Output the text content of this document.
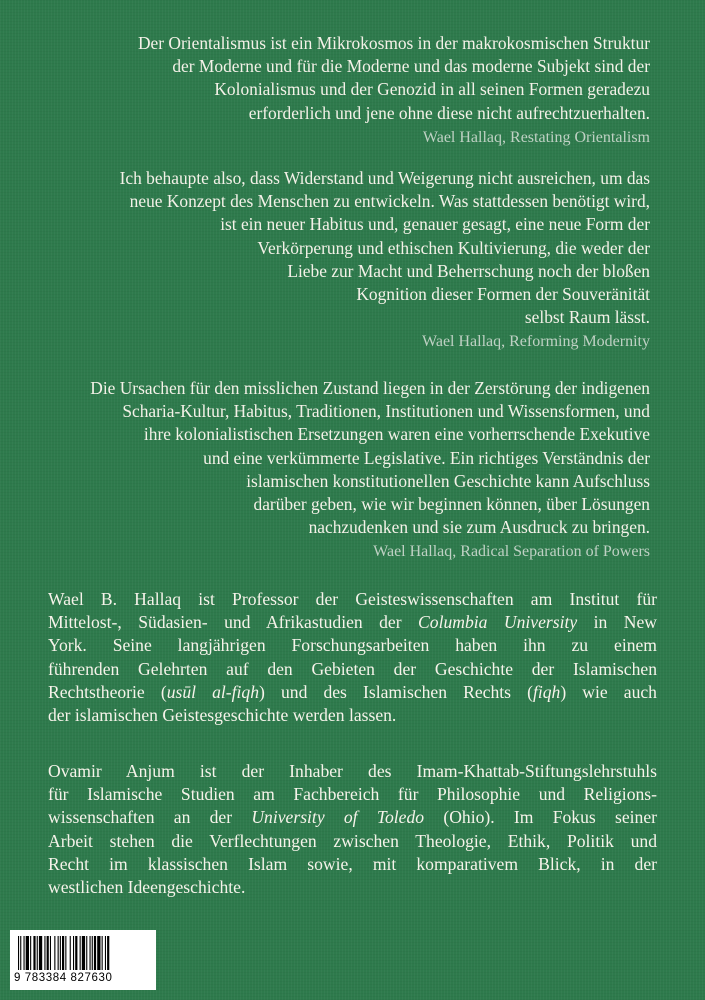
Der Orientalismus ist ein Mikrokosmos in der makrokosmischen Struktur
der Moderne und für die Moderne und das moderne Subjekt sind der
Kolonialismus und der Genozid in all seinen Formen geradezu
erforderlich und jene ohne diese nicht aufrechtzuerhalten.
Wael Hallaq, Restating Orientalism
Ich behaupte also, dass Widerstand und Weigerung nicht ausreichen, um das
neue Konzept des Menschen zu entwickeln. Was stattdessen benötigt wird,
ist ein neuer Habitus und, genauer gesagt, eine neue Form der
Verkörperung und ethischen Kultivierung, die weder der
Liebe zur Macht und Beherrschung noch der bloßen
Kognition dieser Formen der Souveränität
selbst Raum lässt.
Wael Hallaq, Reforming Modernity
Die Ursachen für den misslichen Zustand liegen in der Zerstörung der indigenen
Scharia-Kultur, Habitus, Traditionen, Institutionen und Wissensformen, und
ihre kolonialistischen Ersetzungen waren eine vorherrschende Exekutive
und eine verkümmerte Legislative. Ein richtiges Verständnis der
islamischen konstitutionellen Geschichte kann Aufschluss
darüber geben, wie wir beginnen können, über Lösungen
nachzudenken und sie zum Ausdruck zu bringen.
Wael Hallaq, Radical Separation of Powers
Wael B. Hallaq ist Professor der Geisteswissenschaften am Institut für
Mittelost-, Südasien- und Afrikastudien der Columbia University in New
York. Seine langjährigen Forschungsarbeiten haben ihn zu einem
führenden Gelehrten auf den Gebieten der Geschichte der Islamischen
Rechtstheorie (usūl al-fiqh) und des Islamischen Rechts (fiqh) wie auch
der islamischen Geistesgeschichte werden lassen.
Ovamir Anjum ist der Inhaber des Imam-Khattab-Stiftungslehrstuhls
für Islamische Studien am Fachbereich für Philosophie und Religions-
wissenschaften an der University of Toledo (Ohio). Im Fokus seiner
Arbeit stehen die Verflechtungen zwischen Theologie, Ethik, Politik und
Recht im klassischen Islam sowie, mit komparativem Blick, in der
westlichen Ideengeschichte.
9 783384 827630
